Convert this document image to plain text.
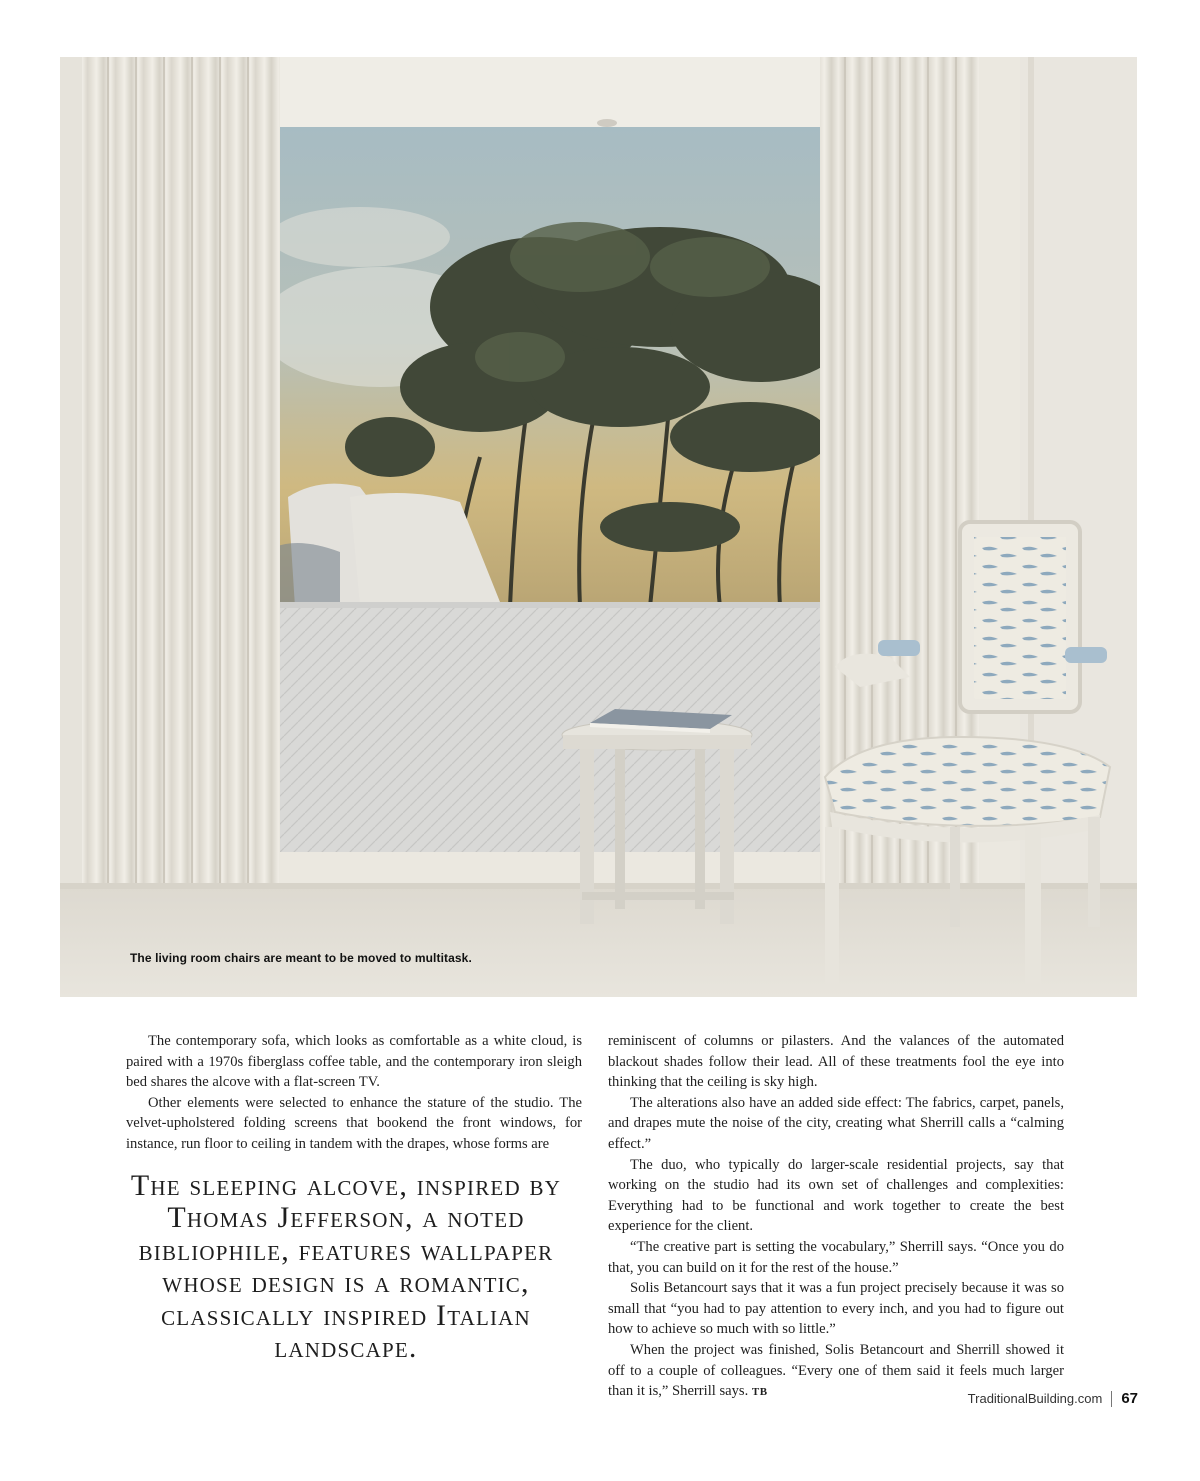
The living room chairs are meant to be moved to multitask.

The contemporary sofa, which looks as comfortable as a white cloud, is paired with a 1970s fiberglass coffee table, and the contemporary iron sleigh bed shares the alcove with a flat-screen TV.

Other elements were selected to enhance the stature of the studio. The velvet-upholstered folding screens that bookend the front windows, for instance, run floor to ceiling in tandem with the drapes, whose forms are

The sleeping alcove, inspired by Thomas Jefferson, a noted bibliophile, features wallpaper whose design is a romantic, classically inspired Italian landscape.

reminiscent of columns or pilasters. And the valances of the automated blackout shades follow their lead. All of these treatments fool the eye into thinking that the ceiling is sky high.

The alterations also have an added side effect: The fabrics, carpet, panels, and drapes mute the noise of the city, creating what Sherrill calls a “calming effect.”

The duo, who typically do larger-scale residential projects, say that working on the studio had its own set of challenges and complexities: Everything had to be functional and work together to create the best experience for the client.

“The creative part is setting the vocabulary,” Sherrill says. “Once you do that, you can build on it for the rest of the house.”

Solis Betancourt says that it was a fun project precisely because it was so small that “you had to pay attention to every inch, and you had to figure out how to achieve so much with so little.”

When the project was finished, Solis Betancourt and Sherrill showed it off to a couple of colleagues. “Every one of them said it feels much larger than it is,” Sherrill says. TB	TraditionalBuilding.com 67
